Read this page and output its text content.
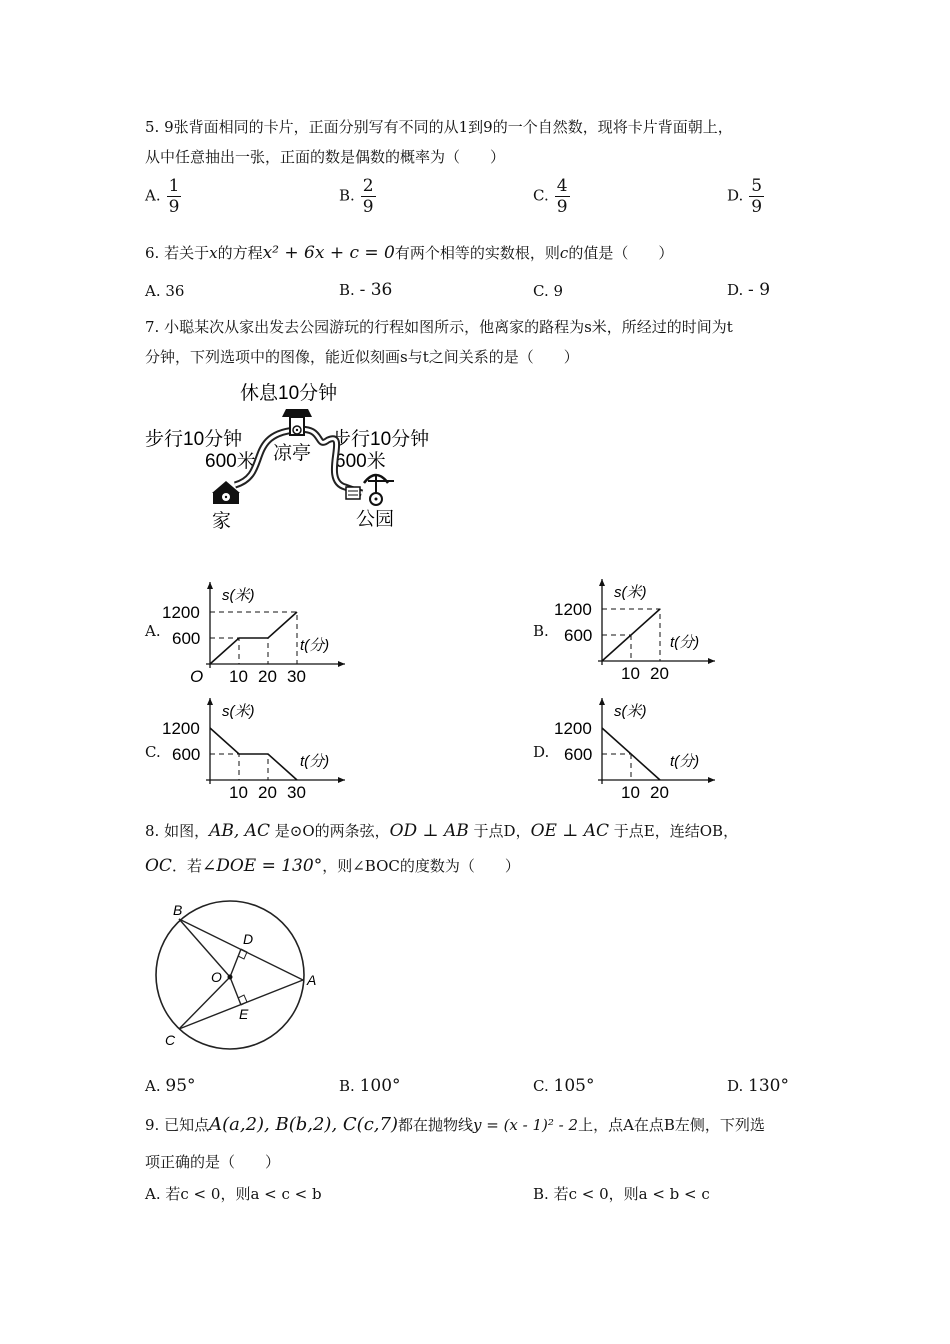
5. 9张背面相同的卡片，正面分别写有不同的从1到9的一个自然数，现将卡片背面朝上，
从中任意抽出一张，正面的数是偶数的概率为（　　）
A. $\frac{1}{9}$	B. $\frac{2}{9}$	C. $\frac{4}{9}$	D. $\frac{5}{9}$
6. 若关于x的方程x² + 6x + c = 0有两个相等的实数根，则c的值是（　　）
A. 36	B. - 36	C. 9	D. - 9
7. 小聪某次从家出发去公园游玩的行程如图所示，他离家的路程为s米，所经过的时间为t
分钟，下列选项中的图像，能近似刻画s与t之间关系的是（　　）
休息10分钟
步行10分钟
600米 凉亭
步行10分钟
600米
家	公园
A.	B.
C.	D.
s(米)
t(分)
1200
600
O 10 20 30
s(米)
t(分)
1200
600
10 20
s(米)
t(分)
1200
600
10 20 30
s(米)
t(分)
1200
600
10 20
8. 如图，AB, AC 是⊙O的两条弦，OD ⊥ AB 于点D，OE ⊥ AC 于点E，连结OB，
OC．若∠DOE = 130°，则∠BOC的度数为（　　）
B
D
O	A
E
C
A. 95°	B. 100°	C. 105°	D. 130°
9. 已知点A(a,2), B(b,2), C(c,7)都在抛物线y = (x - 1)² - 2上，点A在点B左侧，下列选
项正确的是（　　）
A. 若c < 0，则a < c < b	B. 若c < 0，则a < b < c
